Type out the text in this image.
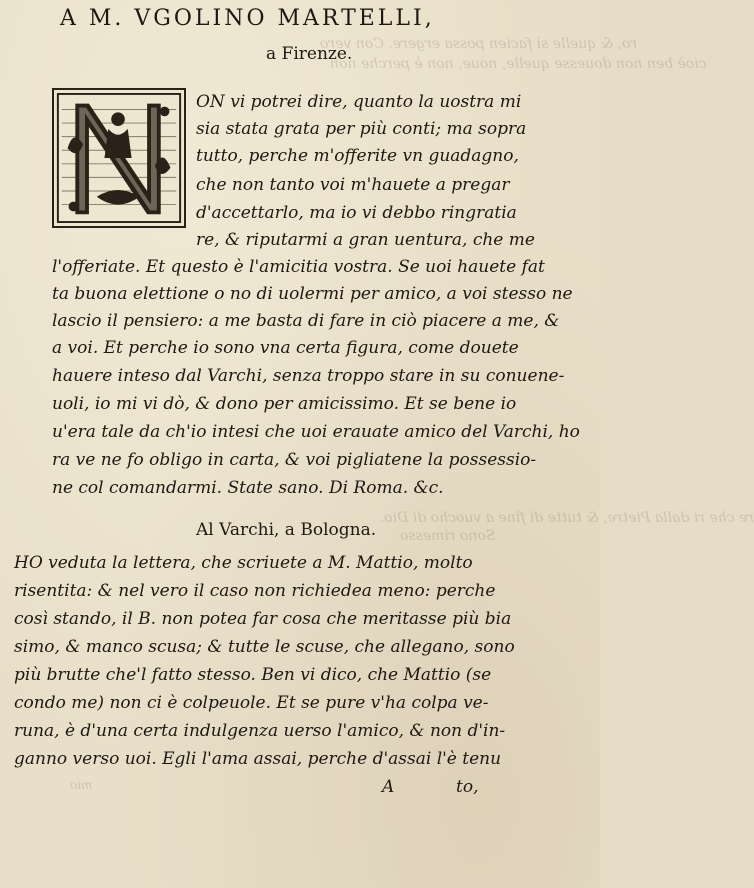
ro, & quelle sì facien possa ergere. Con vero
cioè ben non douesse quelle, noue, non è perche non
re che ri dalla Pietre, & tutte di fine a vuocho di Dio.
Sono rimesso
mio
A M. VGOLINO MARTELLI,
a Firenze.
ON vi potrei dire, quanto la uostra mi
sia stata grata per più conti; ma sopra
tutto, perche m'offerite vn guadagno,
che non tanto voi m'hauete a pregar
d'accettarlo, ma io vi debbo ringratia
re, & riputarmi a gran uentura, che me
l'offeriate. Et questo è l'amicitia vostra. Se uoi hauete fat
ta buona elettione o no di uolermi per amico, a voi stesso ne
lascio il pensiero: a me basta di fare in ciò piacere a me, &
a voi. Et perche io sono vna certa figura, come douete
hauere inteso dal Varchi, senza troppo stare in su conuene-
uoli, io mi vi dò, & dono per amicissimo. Et se bene io
u'era tale da ch'io intesi che uoi erauate amico del Varchi, ho
ra ve ne fo obligo in carta, & voi pigliatene la possessio-
ne col comandarmi. State sano. Di Roma. &c.
Al Varchi, a Bologna.
HO veduta la lettera, che scriuete a M. Mattio, molto
risentita: & nel vero il caso non richiedea meno: perche
così stando, il B. non potea far cosa che meritasse più bia
simo, & manco scusa; & tutte le scuse, che allegano, sono
più brutte che'l fatto stesso. Ben vi dico, che Mattio (se
condo me) non ci è colpeuole. Et se pure v'ha colpa ve-
runa, è d'una certa indulgenza uerso l'amico, & non d'in-
ganno verso uoi. Egli l'ama assai, perche d'assai l'è tenu
A	to,
